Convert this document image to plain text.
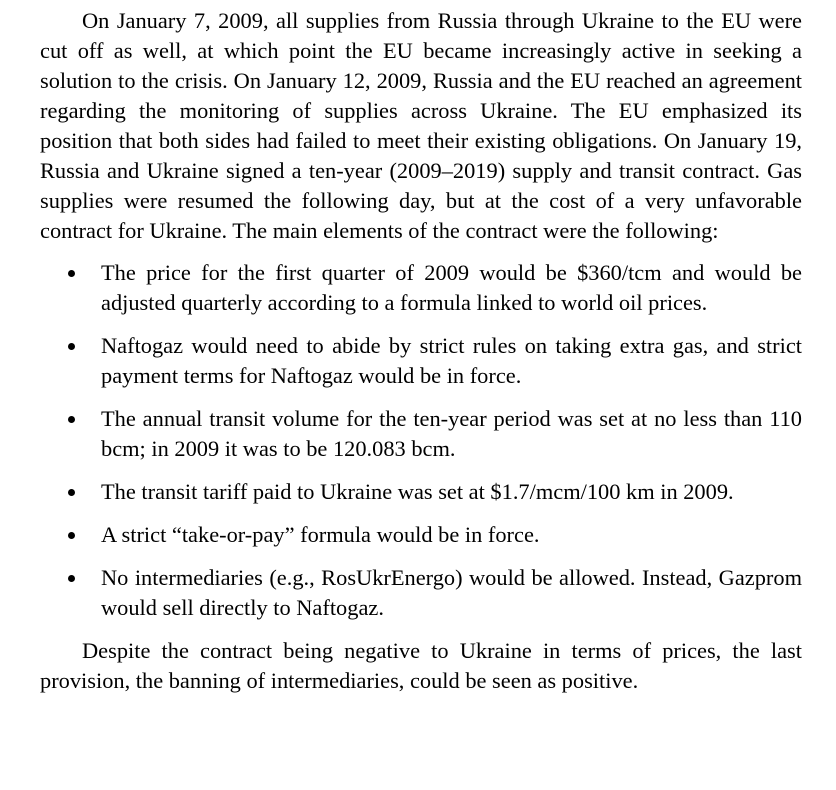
On January 7, 2009, all supplies from Russia through Ukraine to the EU were cut off as well, at which point the EU became increasingly active in seeking a solution to the crisis. On January 12, 2009, Russia and the EU reached an agreement regarding the monitoring of supplies across Ukraine. The EU emphasized its position that both sides had failed to meet their existing obligations. On January 19, Russia and Ukraine signed a ten-year (2009–2019) supply and transit contract. Gas supplies were resumed the following day, but at the cost of a very unfavorable contract for Ukraine. The main elements of the contract were the following:

The price for the first quarter of 2009 would be $360/tcm and would be adjusted quarterly according to a formula linked to world oil prices.
Naftogaz would need to abide by strict rules on taking extra gas, and strict payment terms for Naftogaz would be in force.
The annual transit volume for the ten-year period was set at no less than 110 bcm; in 2009 it was to be 120.083 bcm.
The transit tariff paid to Ukraine was set at $1.7/mcm/100 km in 2009.
A strict “take-or-pay” formula would be in force.
No intermediaries (e.g., RosUkrEnergo) would be allowed. Instead, Gazprom would sell directly to Naftogaz.

Despite the contract being negative to Ukraine in terms of prices, the last provision, the banning of intermediaries, could be seen as positive.
